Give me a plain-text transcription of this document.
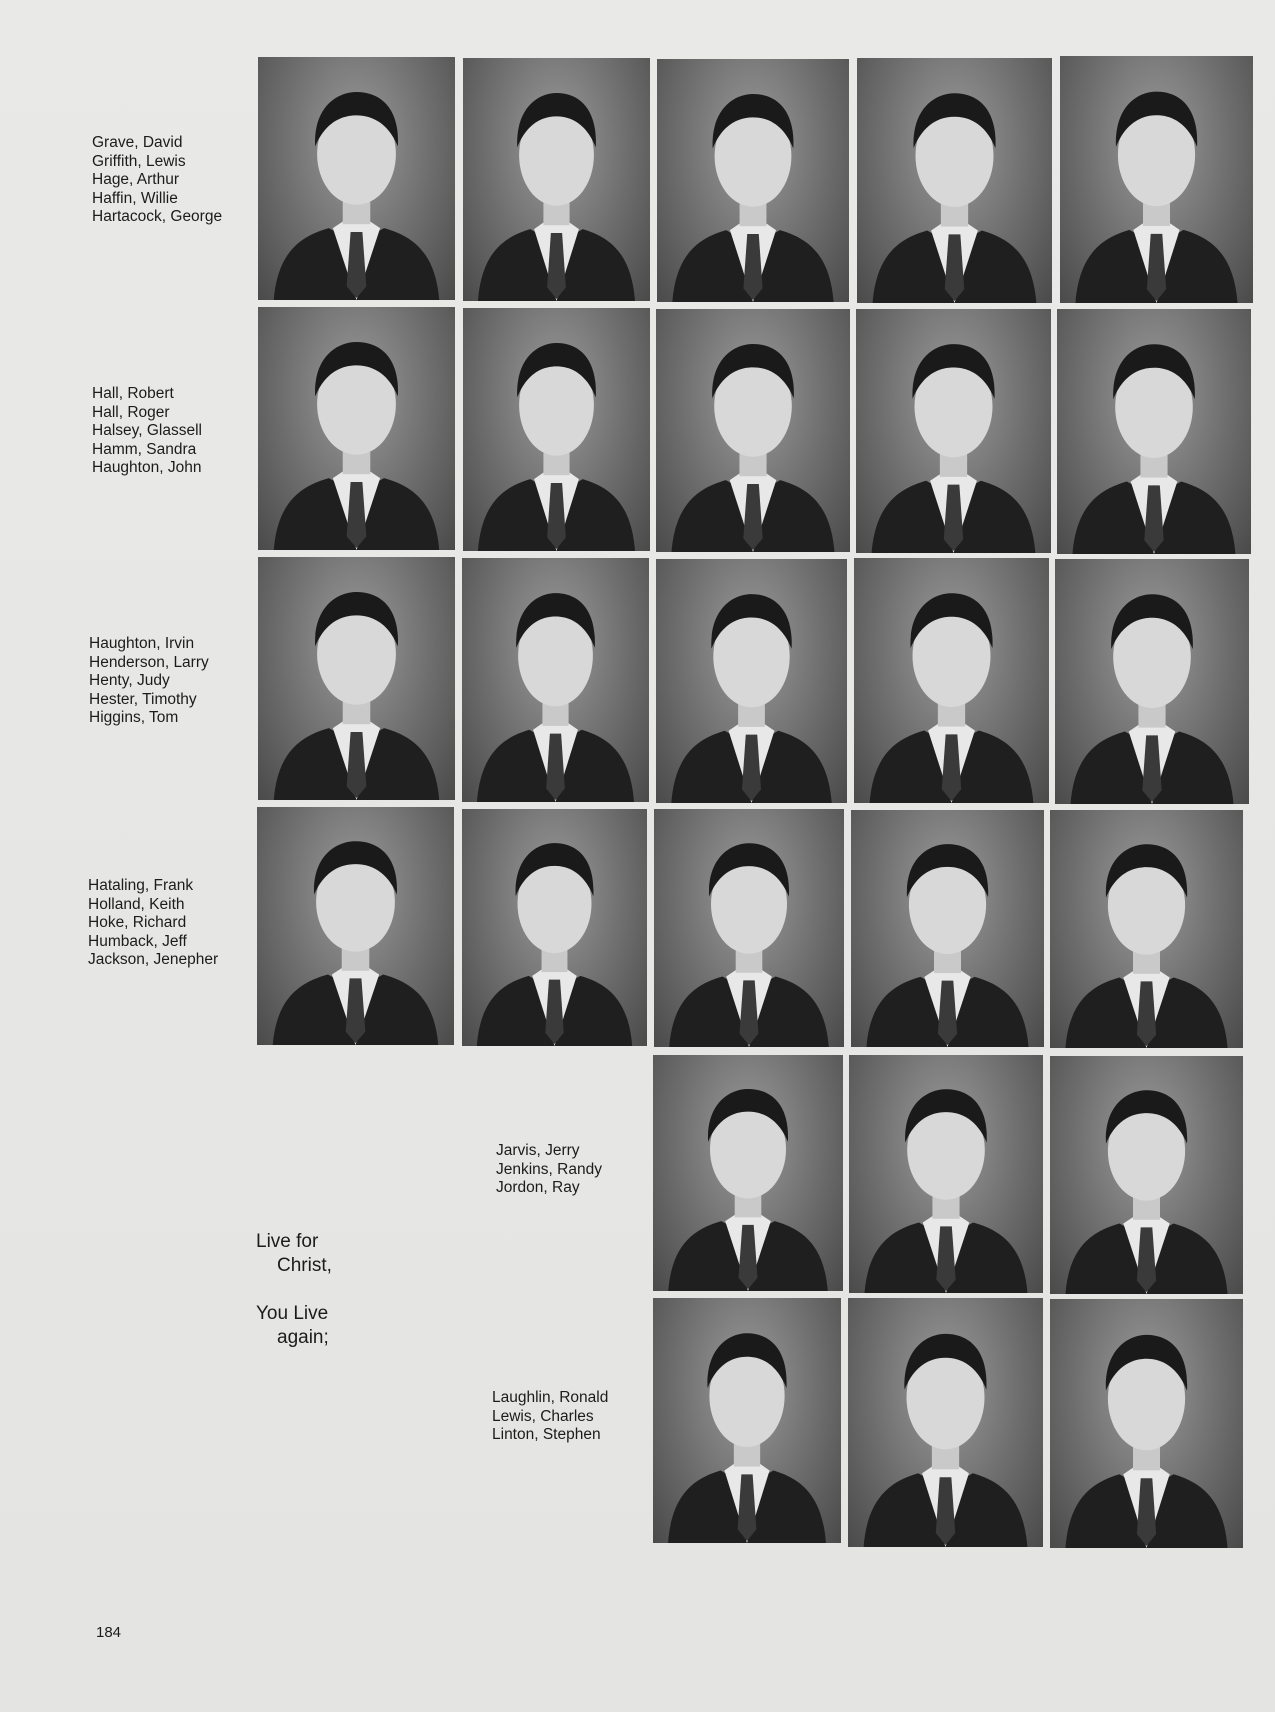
Grave, David
Griffith, Lewis
Hage, Arthur
Haffin, Willie
Hartacock, George
Hall, Robert
Hall, Roger
Halsey, Glassell
Hamm, Sandra
Haughton, John
Haughton, Irvin
Henderson, Larry
Henty, Judy
Hester, Timothy
Higgins, Tom
Hataling, Frank
Holland, Keith
Hoke, Richard
Humback, Jeff
Jackson, Jenepher
Jarvis, Jerry
Jenkins, Randy
Jordon, Ray
Laughlin, Ronald
Lewis, Charles
Linton, Stephen
Live for
Christ,
You Live
again;
184
